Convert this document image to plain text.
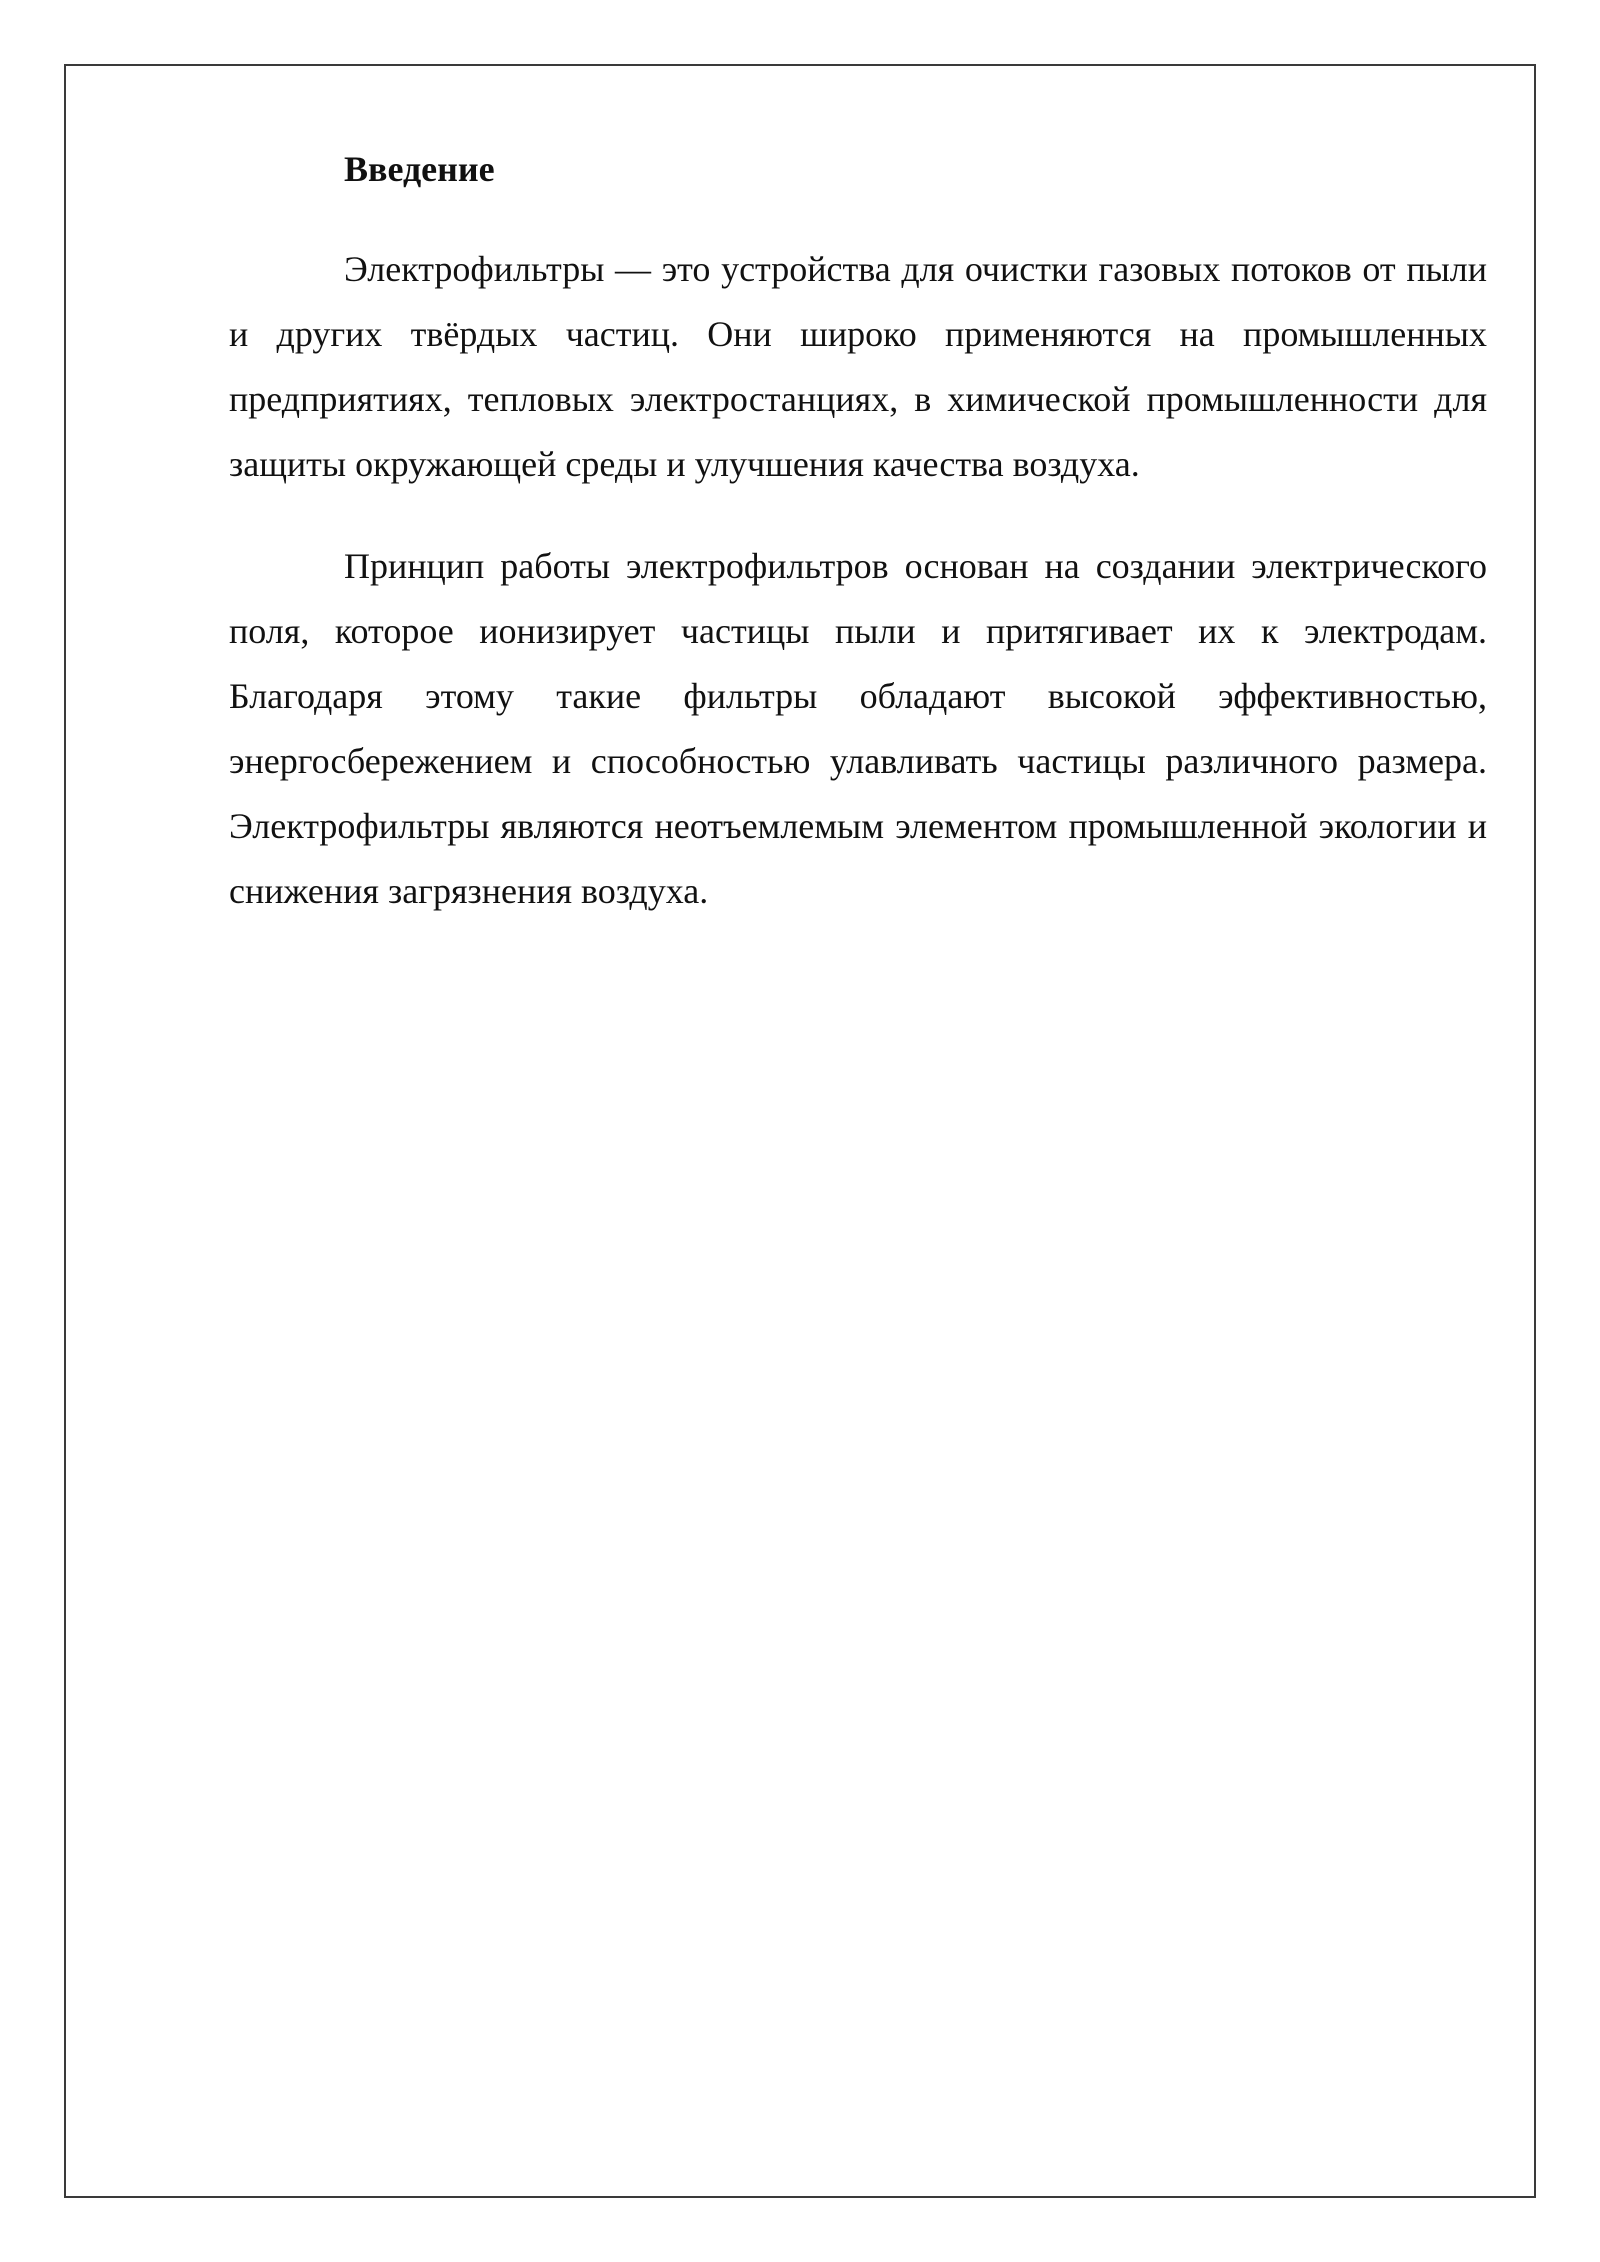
Введение

Электрофильтры — это устройства для очистки газовых потоков от пыли и других твёрдых частиц. Они широко применяются на промышленных предприятиях, тепловых электростанциях, в химической промышленности для защиты окружающей среды и улучшения качества воздуха.

Принцип работы электрофильтров основан на создании электрического поля, которое ионизирует частицы пыли и притягивает их к электродам. Благодаря этому такие фильтры обладают высокой эффективностью, энергосбережением и способностью улавливать частицы различного размера. Электрофильтры являются неотъемлемым элементом промышленной экологии и снижения загрязнения воздуха.
